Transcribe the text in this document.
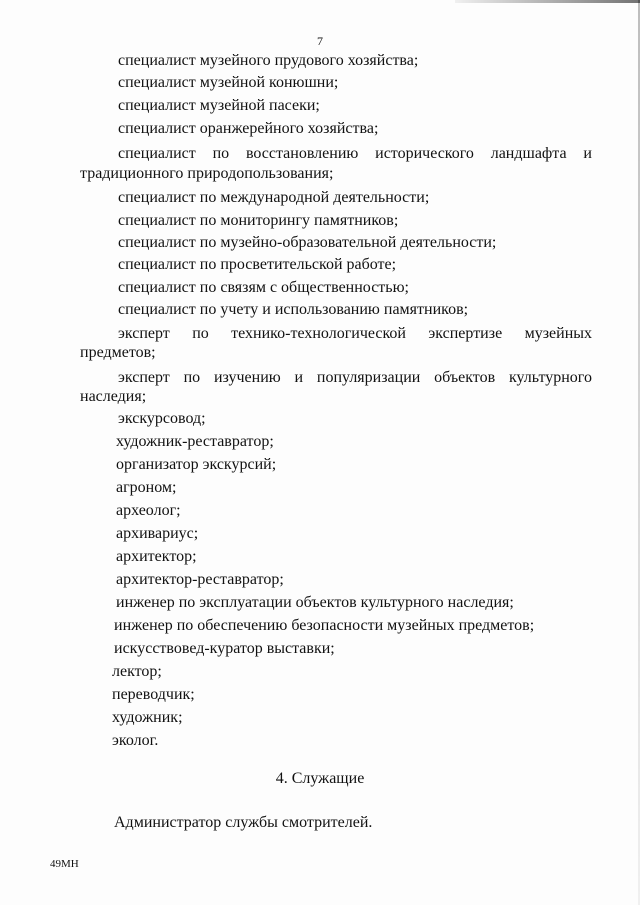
7
специалист музейного прудового хозяйства;
специалист музейной конюшни;
специалист музейной пасеки;
специалист оранжерейного хозяйства;
специалист по восстановлению исторического ландшафта и
традиционного природопользования;
специалист по международной деятельности;
специалист по мониторингу памятников;
специалист по музейно-образовательной деятельности;
специалист по просветительской работе;
специалист по связям с общественностью;
специалист по учету и использованию памятников;
эксперт по технико-технологической экспертизе музейных
предметов;
эксперт по изучению и популяризации объектов культурного
наследия;
экскурсовод;
художник-реставратор;
организатор экскурсий;
агроном;
археолог;
архивариус;
архитектор;
архитектор-реставратор;
инженер по эксплуатации объектов культурного наследия;
инженер по обеспечению безопасности музейных предметов;
искусствовед-куратор выставки;
лектор;
переводчик;
художник;
эколог.
4. Служащие
Администратор службы смотрителей.
49МН
